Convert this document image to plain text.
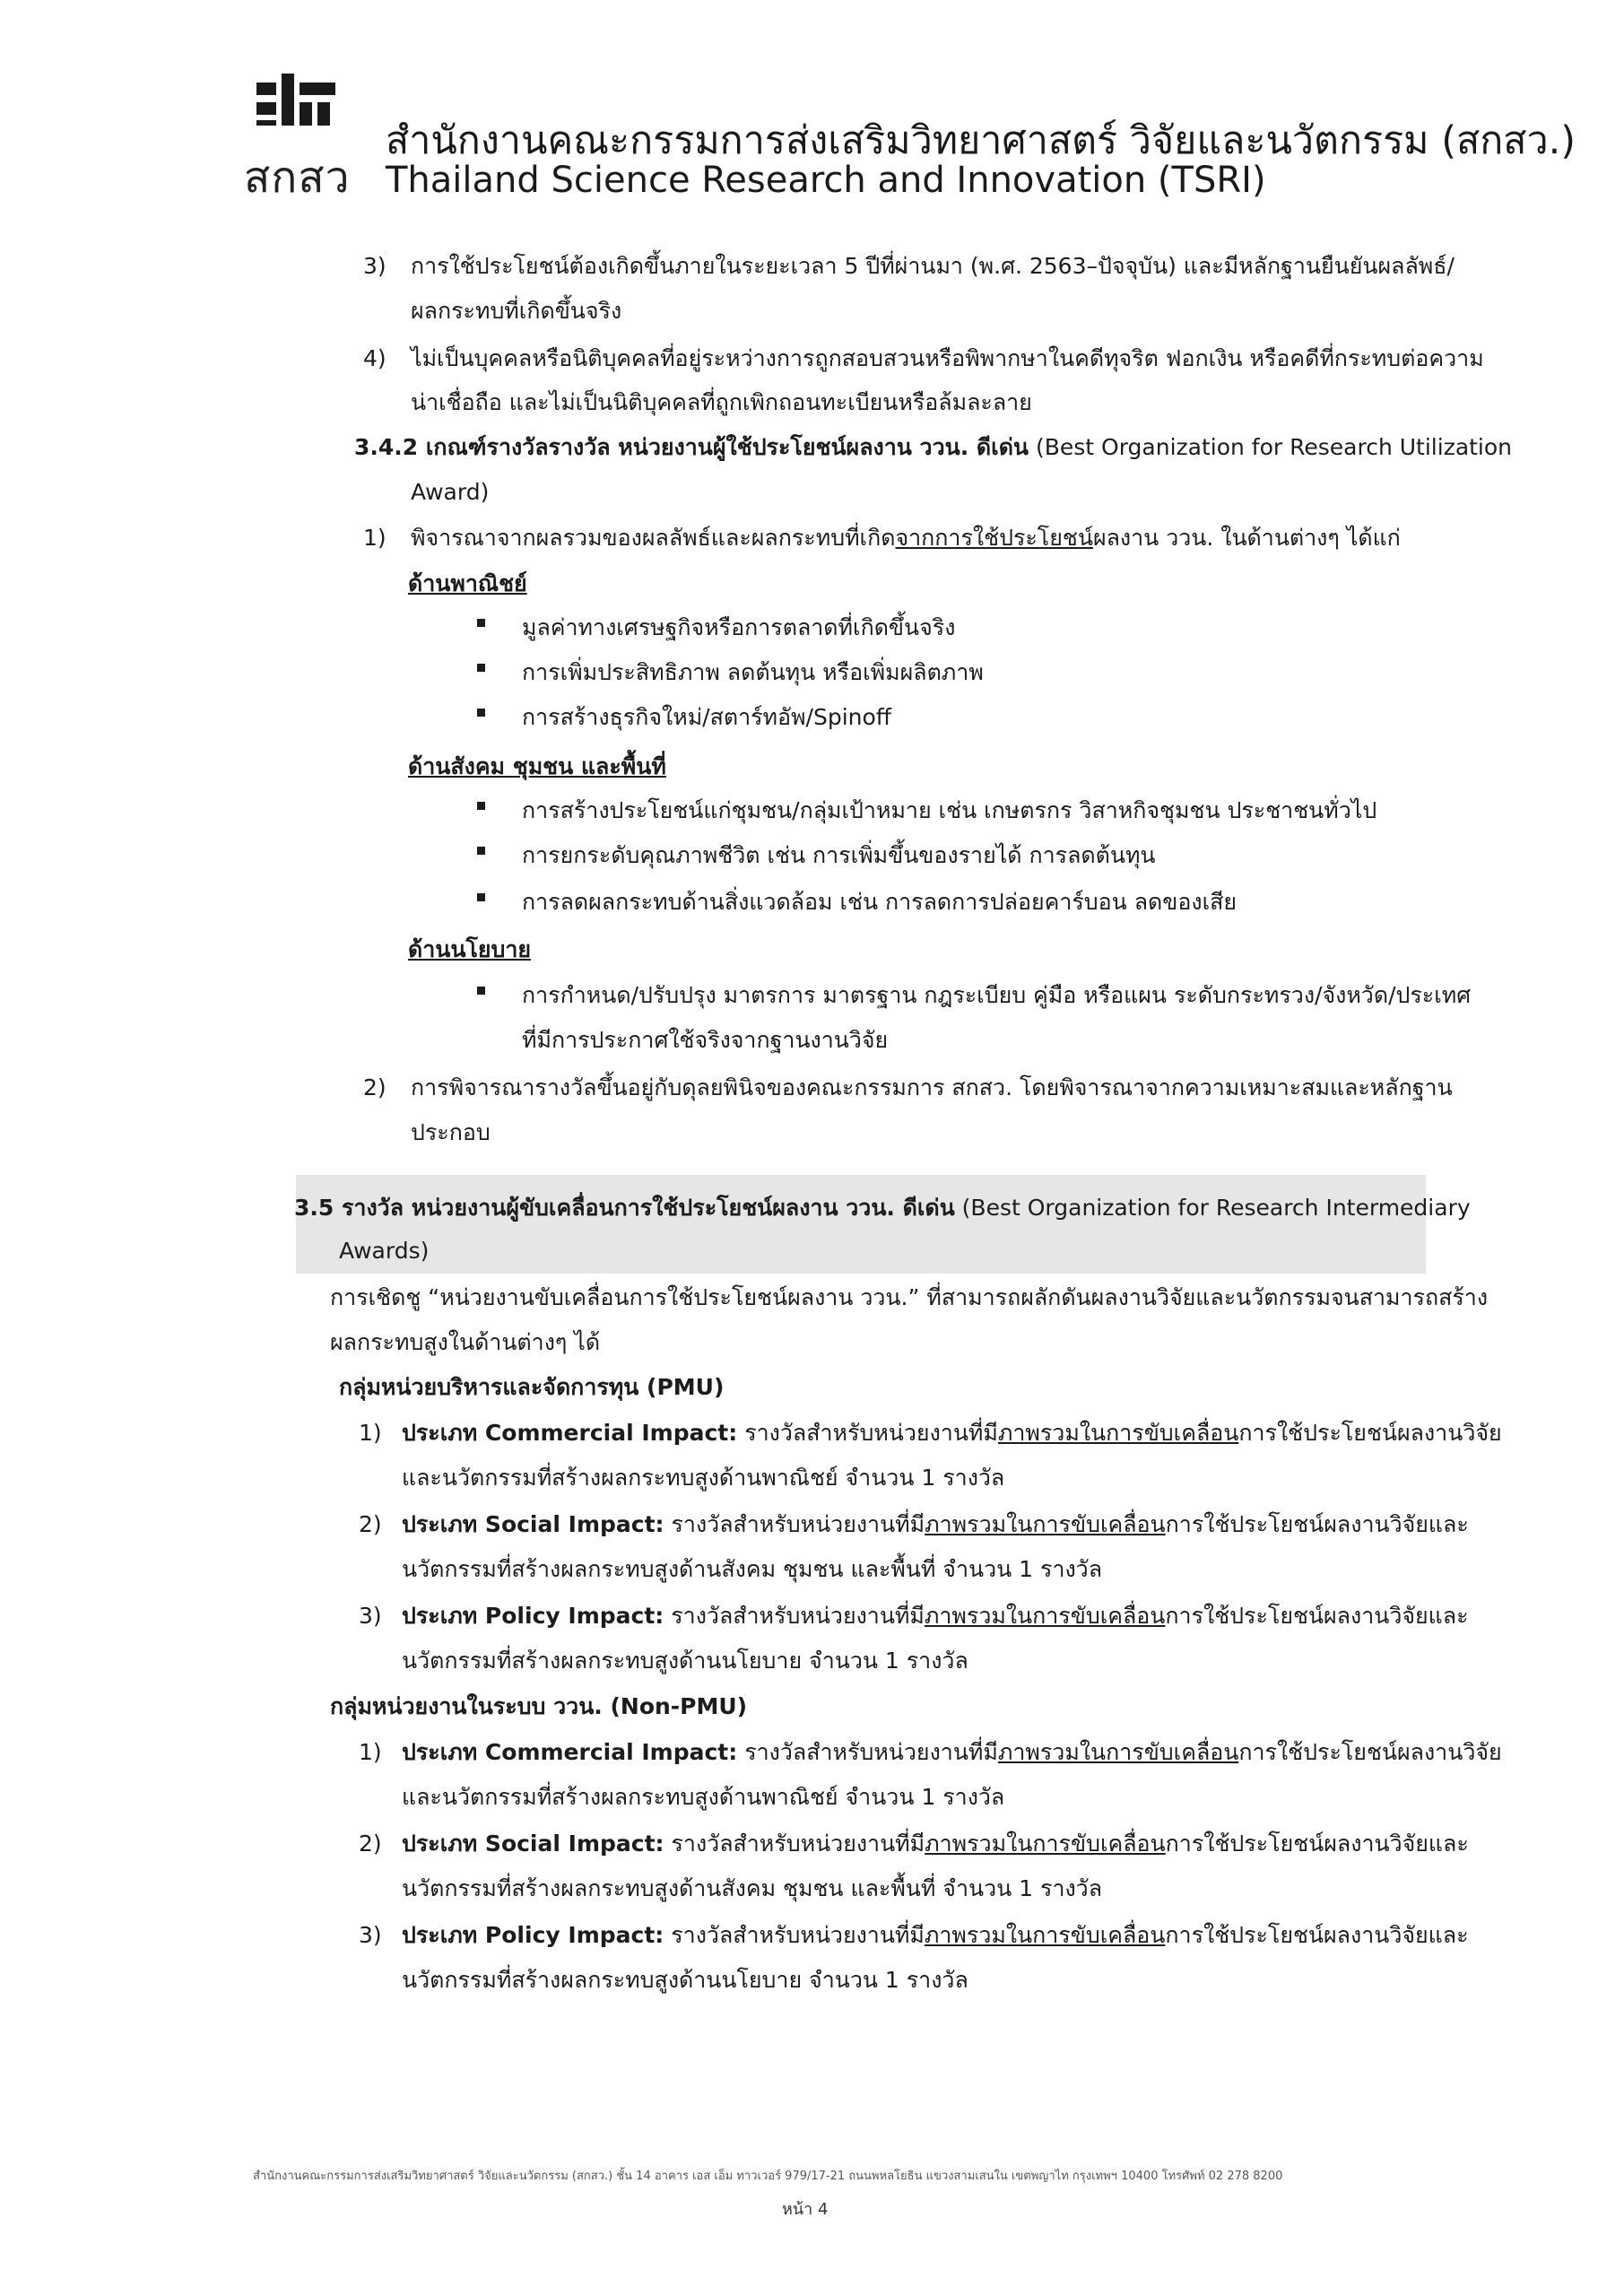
สกสว
สำนักงานคณะกรรมการส่งเสริมวิทยาศาสตร์ วิจัยและนวัตกรรม (สกสว.)
Thailand Science Research and Innovation (TSRI)
3) การใช้ประโยชน์ต้องเกิดขึ้นภายในระยะเวลา 5 ปีที่ผ่านมา (พ.ศ. 2563–ปัจจุบัน) และมีหลักฐานยืนยันผลลัพธ์/
ผลกระทบที่เกิดขึ้นจริง
4) ไม่เป็นบุคคลหรือนิติบุคคลที่อยู่ระหว่างการถูกสอบสวนหรือพิพากษาในคดีทุจริต ฟอกเงิน หรือคดีที่กระทบต่อความ
น่าเชื่อถือ และไม่เป็นนิติบุคคลที่ถูกเพิกถอนทะเบียนหรือล้มละลาย
3.4.2 เกณฑ์รางวัลรางวัล หน่วยงานผู้ใช้ประโยชน์ผลงาน ววน. ดีเด่น (Best Organization for Research Utilization
Award)
1) พิจารณาจากผลรวมของผลลัพธ์และผลกระทบที่เกิดจากการใช้ประโยชน์ผลงาน ววน. ในด้านต่างๆ ได้แก่
ด้านพาณิชย์
มูลค่าทางเศรษฐกิจหรือการตลาดที่เกิดขึ้นจริง
การเพิ่มประสิทธิภาพ ลดต้นทุน หรือเพิ่มผลิตภาพ
การสร้างธุรกิจใหม่/สตาร์ทอัพ/Spinoff
ด้านสังคม ชุมชน และพื้นที่
การสร้างประโยชน์แก่ชุมชน/กลุ่มเป้าหมาย เช่น เกษตรกร วิสาหกิจชุมชน ประชาชนทั่วไป
การยกระดับคุณภาพชีวิต เช่น การเพิ่มขึ้นของรายได้ การลดต้นทุน
การลดผลกระทบด้านสิ่งแวดล้อม เช่น การลดการปล่อยคาร์บอน ลดของเสีย
ด้านนโยบาย
การกำหนด/ปรับปรุง มาตรการ มาตรฐาน กฎระเบียบ คู่มือ หรือแผน ระดับกระทรวง/จังหวัด/ประเทศ
ที่มีการประกาศใช้จริงจากฐานงานวิจัย
2) การพิจารณารางวัลขึ้นอยู่กับดุลยพินิจของคณะกรรมการ สกสว. โดยพิจารณาจากความเหมาะสมและหลักฐาน
ประกอบ
3.5 รางวัล หน่วยงานผู้ขับเคลื่อนการใช้ประโยชน์ผลงาน ววน. ดีเด่น (Best Organization for Research Intermediary
Awards)
การเชิดชู “หน่วยงานขับเคลื่อนการใช้ประโยชน์ผลงาน ววน.” ที่สามารถผลักดันผลงานวิจัยและนวัตกรรมจนสามารถสร้าง
ผลกระทบสูงในด้านต่างๆ ได้
กลุ่มหน่วยบริหารและจัดการทุน (PMU)
1) ประเภท Commercial Impact: รางวัลสำหรับหน่วยงานที่มีภาพรวมในการขับเคลื่อนการใช้ประโยชน์ผลงานวิจัย
และนวัตกรรมที่สร้างผลกระทบสูงด้านพาณิชย์ จำนวน 1 รางวัล
2) ประเภท Social Impact: รางวัลสำหรับหน่วยงานที่มีภาพรวมในการขับเคลื่อนการใช้ประโยชน์ผลงานวิจัยและ
นวัตกรรมที่สร้างผลกระทบสูงด้านสังคม ชุมชน และพื้นที่ จำนวน 1 รางวัล
3) ประเภท Policy Impact: รางวัลสำหรับหน่วยงานที่มีภาพรวมในการขับเคลื่อนการใช้ประโยชน์ผลงานวิจัยและ
นวัตกรรมที่สร้างผลกระทบสูงด้านนโยบาย จำนวน 1 รางวัล
กลุ่มหน่วยงานในระบบ ววน. (Non-PMU)
1) ประเภท Commercial Impact: รางวัลสำหรับหน่วยงานที่มีภาพรวมในการขับเคลื่อนการใช้ประโยชน์ผลงานวิจัย
และนวัตกรรมที่สร้างผลกระทบสูงด้านพาณิชย์ จำนวน 1 รางวัล
2) ประเภท Social Impact: รางวัลสำหรับหน่วยงานที่มีภาพรวมในการขับเคลื่อนการใช้ประโยชน์ผลงานวิจัยและ
นวัตกรรมที่สร้างผลกระทบสูงด้านสังคม ชุมชน และพื้นที่ จำนวน 1 รางวัล
3) ประเภท Policy Impact: รางวัลสำหรับหน่วยงานที่มีภาพรวมในการขับเคลื่อนการใช้ประโยชน์ผลงานวิจัยและ
นวัตกรรมที่สร้างผลกระทบสูงด้านนโยบาย จำนวน 1 รางวัล
สำนักงานคณะกรรมการส่งเสริมวิทยาศาสตร์ วิจัยและนวัตกรรม (สกสว.) ชั้น 14 อาคาร เอส เอ็ม ทาวเวอร์ 979/17-21 ถนนพหลโยธิน แขวงสามเสนใน เขตพญาไท กรุงเทพฯ 10400 โทรศัพท์ 02 278 8200
หน้า 4
